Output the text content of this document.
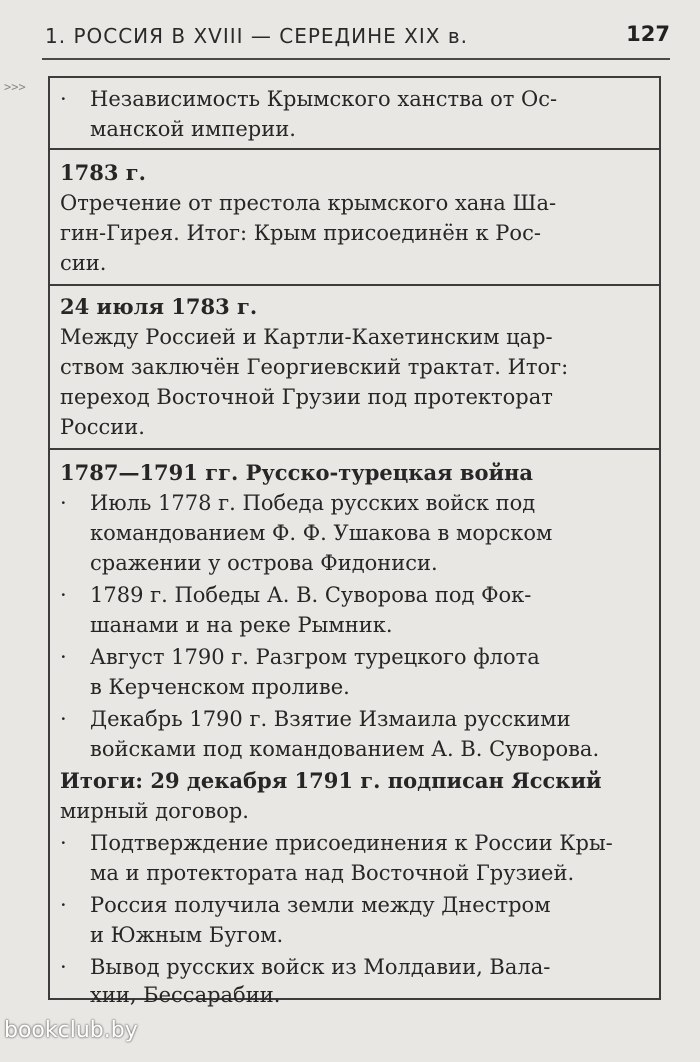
1. РОССИЯ В XVIII — СЕРЕДИНЕ XIX в.	127
>>> · Независимость Крымского ханства от Ос-
манской империи.
1783 г.
Отречение от престола крымского хана Ша-
гин-Гирея. Итог: Крым присоединён к Рос-
сии.
24 июля 1783 г.
Между Россией и Картли-Кахетинским цар-
ством заключён Георгиевский трактат. Итог:
переход Восточной Грузии под протекторат
России.
1787—1791 гг. Русско-турецкая война
· Июль 1778 г. Победа русских войск под
командованием Ф. Ф. Ушакова в морском
сражении у острова Фидониси.
· 1789 г. Победы А. В. Суворова под Фок-
шанами и на реке Рымник.
· Август 1790 г. Разгром турецкого флота
в Керченском проливе.
· Декабрь 1790 г. Взятие Измаила русскими
войсками под командованием А. В. Суворова.
Итоги: 29 декабря 1791 г. подписан Ясский
мирный договор.
· Подтверждение присоединения к России Кры-
ма и протектората над Восточной Грузией.
· Россия получила земли между Днестром
и Южным Бугом.
· Вывод русских войск из Молдавии, Вала-
хии, Бессарабии.
bookclub.by
